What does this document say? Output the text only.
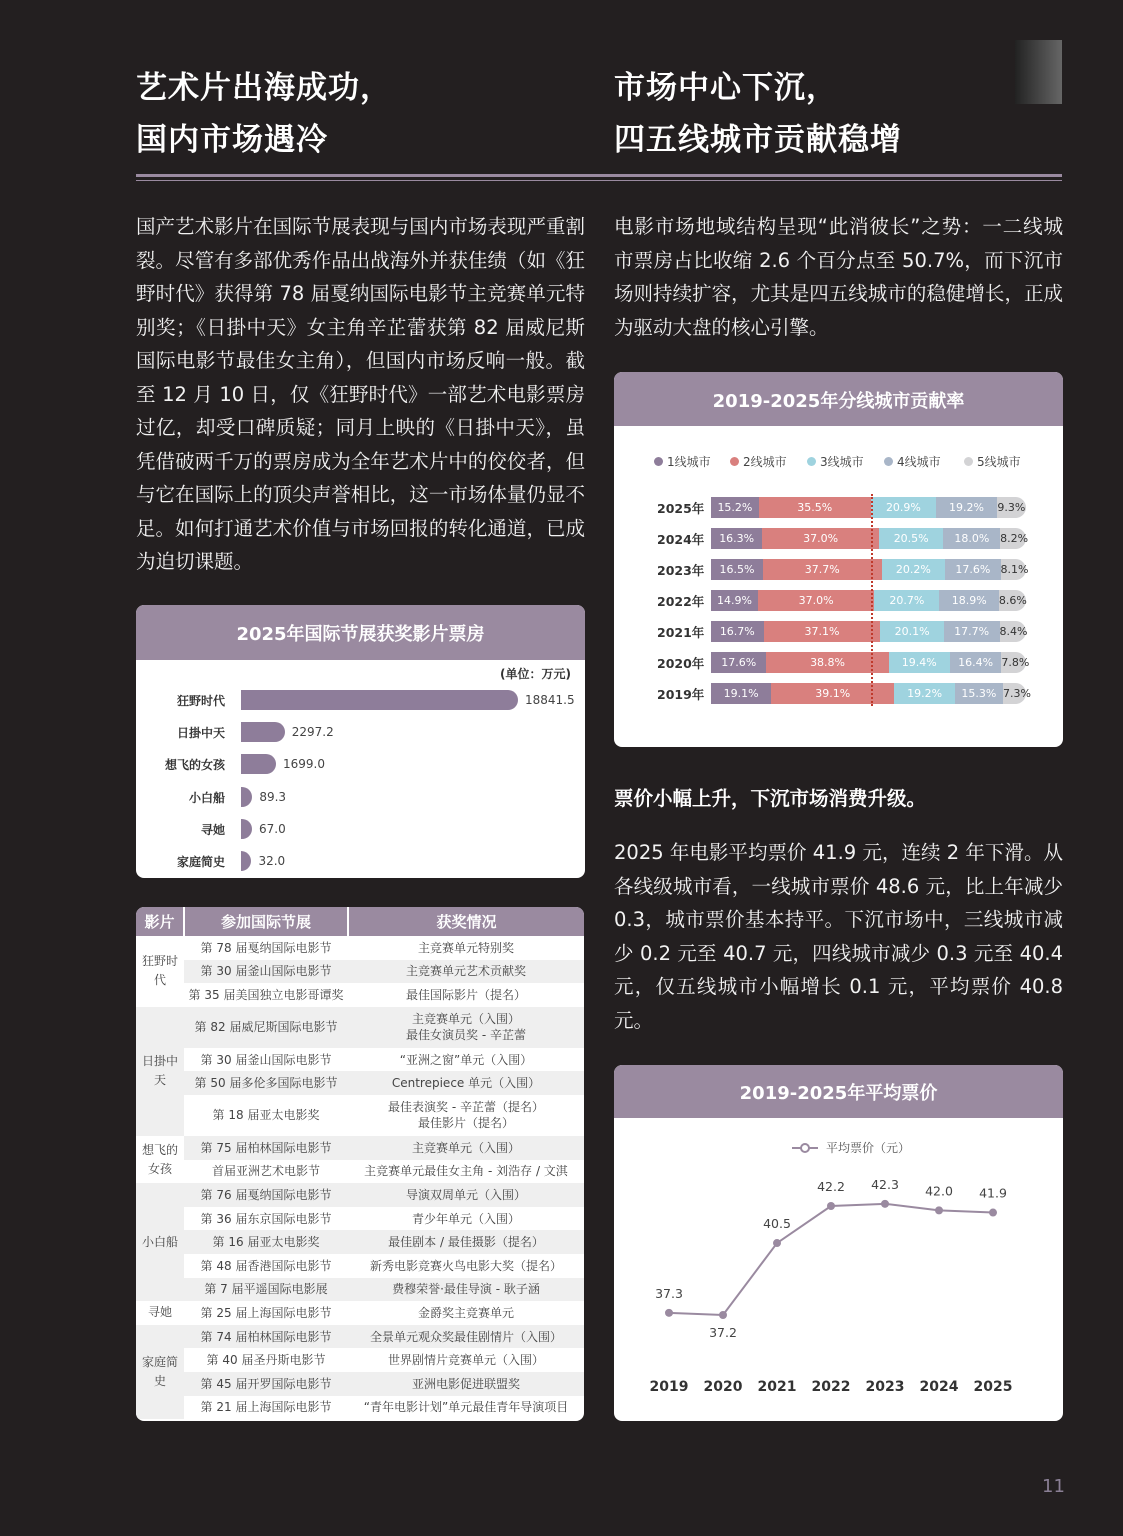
艺术片出海成功，
国内市场遇冷
市场中心下沉，
四五线城市贡献稳增
国产艺术影片在国际节展表现与国内市场表现严重割裂。尽管有多部优秀作品出战海外并获佳绩（如《狂野时代》获得第 78 届戛纳国际电影节主竞赛单元特别奖；《日掛中天》女主角辛芷蕾获第 82 届威尼斯国际电影节最佳女主角），但国内市场反响一般。截至 12 月 10 日，仅《狂野时代》一部艺术电影票房过亿，却受口碑质疑；同月上映的《日掛中天》，虽凭借破两千万的票房成为全年艺术片中的佼佼者，但与它在国际上的顶尖声誉相比，这一市场体量仍显不足。如何打通艺术价值与市场回报的转化通道，已成为迫切课题。
电影市场地域结构呈现“此消彼长”之势：一二线城市票房占比收缩 2.6 个百分点至 50.7%，而下沉市场则持续扩容，尤其是四五线城市的稳健增长，正成为驱动大盘的核心引擎。
2025年国际节展获奖影片票房
(单位：万元)
狂野时代	18841.5
日掛中天	2297.2
想飞的女孩	1699.0
小白船	89.3
寻她	67.0
家庭简史	32.0
影片	参加国际节展	获奖情况
狂野时代	第 78 届戛纳国际电影节	主竞赛单元特别奖
	第 30 届釜山国际电影节	主竞赛单元艺术贡献奖
	第 35 届美国独立电影哥谭奖	最佳国际影片（提名）
日掛中天	第 82 届威尼斯国际电影节	主竞赛单元（入围）
最佳女演员奖 - 辛芷蕾
	第 30 届釜山国际电影节	“亚洲之窗”单元（入围）
	第 50 届多伦多国际电影节	Centrepiece 单元（入围）
	第 18 届亚太电影奖	最佳表演奖 - 辛芷蕾（提名）
最佳影片（提名）
想飞的女孩	第 75 届柏林国际电影节	主竞赛单元（入围）
	首届亚洲艺术电影节	主竞赛单元最佳女主角 - 刘浩存 / 文淇
小白船	第 76 届戛纳国际电影节	导演双周单元（入围）
	第 36 届东京国际电影节	青少年单元（入围）
	第 16 届亚太电影奖	最佳剧本 / 最佳摄影（提名）
	第 48 届香港国际电影节	新秀电影竞赛火鸟电影大奖（提名）
	第 7 届平遥国际电影展	费穆荣誉·最佳导演 - 耿子涵
寻她	第 25 届上海国际电影节	金爵奖主竞赛单元
家庭简史	第 74 届柏林国际电影节	全景单元观众奖最佳剧情片（入围）
	第 40 届圣丹斯电影节	世界剧情片竞赛单元（入围）
	第 45 届开罗国际电影节	亚洲电影促进联盟奖
	第 21 届上海国际电影节	“青年电影计划”单元最佳青年导演项目
2019-2025年分线城市贡献率
1线城市	2线城市	3线城市	4线城市	5线城市
2025年	15.2%	35.5%	20.9%	19.2%	9.3%
2024年	16.3%	37.0%	20.5%	18.0% 8.2%
2023年	16.5%	37.7%	20.2%	17.6% 8.1%
2022年	14.9%	37.0%	20.7%	18.9%	8.6%
2021年	16.7%	37.1%	20.1%	17.7% 8.4%
2020年	17.6%	38.8%	19.4%	16.4% 7.8%
2019年	19.1%	39.1%	19.2%	15.3% 7.3%
票价小幅上升，下沉市场消费升级。
2025 年电影平均票价 41.9 元，连续 2 年下滑。从各线级城市看，一线城市票价 48.6 元，比上年减少 0.3，城市票价基本持平。下沉市场中，三线城市减少 0.2 元至 40.7 元，四线城市减少 0.3 元至 40.4 元，仅五线城市小幅增长 0.1 元，平均票价 40.8 元。
2019-2025年平均票价
平均票价（元）
37.3
2019
37.2
2020
40.5
2021
42.2
2022
42.3
2023
42.0
2024
41.9
2025
11
